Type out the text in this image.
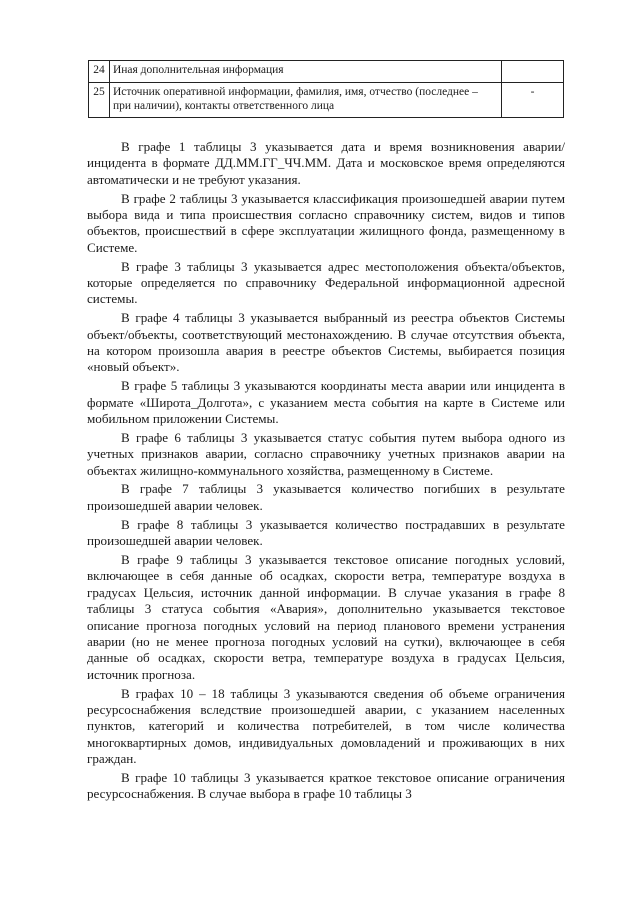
24	Иная дополнительная информация	
25	Источник оперативной информации, фамилия, имя, отчество (последнее – при наличии), контакты ответственного лица	-

В графе 1 таблицы 3 указывается дата и время возникновения аварии/инцидента в формате ДД.ММ.ГГ_ЧЧ.ММ. Дата и московское время определяются автоматически и не требуют указания.

В графе 2 таблицы 3 указывается классификация произошедшей аварии путем выбора вида и типа происшествия согласно справочнику систем, видов и типов объектов, происшествий в сфере эксплуатации жилищного фонда, размещенному в Системе.

В графе 3 таблицы 3 указывается адрес местоположения объекта/объектов, которые определяется по справочнику Федеральной информационной адресной системы.

В графе 4 таблицы 3 указывается выбранный из реестра объектов Системы объект/объекты, соответствующий местонахождению. В случае отсутствия объекта, на котором произошла авария в реестре объектов Системы, выбирается позиция «новый объект».

В графе 5 таблицы 3 указываются координаты места аварии или инцидента в формате «Широта_Долгота», с указанием места события на карте в Системе или мобильном приложении Системы.

В графе 6 таблицы 3 указывается статус события путем выбора одного из учетных признаков аварии, согласно справочнику учетных признаков аварии на объектах жилищно-коммунального хозяйства, размещенному в Системе.

В графе 7 таблицы 3 указывается количество погибших в результате произошедшей аварии человек.

В графе 8 таблицы 3 указывается количество пострадавших в результате произошедшей аварии человек.

В графе 9 таблицы 3 указывается текстовое описание погодных условий, включающее в себя данные об осадках, скорости ветра, температуре воздуха в градусах Цельсия, источник данной информации. В случае указания в графе 8 таблицы 3 статуса события «Авария», дополнительно указывается текстовое описание прогноза погодных условий на период планового времени устранения аварии (но не менее прогноза погодных условий на сутки), включающее в себя данные об осадках, скорости ветра, температуре воздуха в градусах Цельсия, источник прогноза.

В графах 10 – 18 таблицы 3 указываются сведения об объеме ограничения ресурсоснабжения вследствие произошедшей аварии, с указанием населенных пунктов, категорий и количества потребителей, в том числе количества многоквартирных домов, индивидуальных домовладений и проживающих в них граждан.

В графе 10 таблицы 3 указывается краткое текстовое описание ограничения ресурсоснабжения. В случае выбора в графе 10 таблицы 3
